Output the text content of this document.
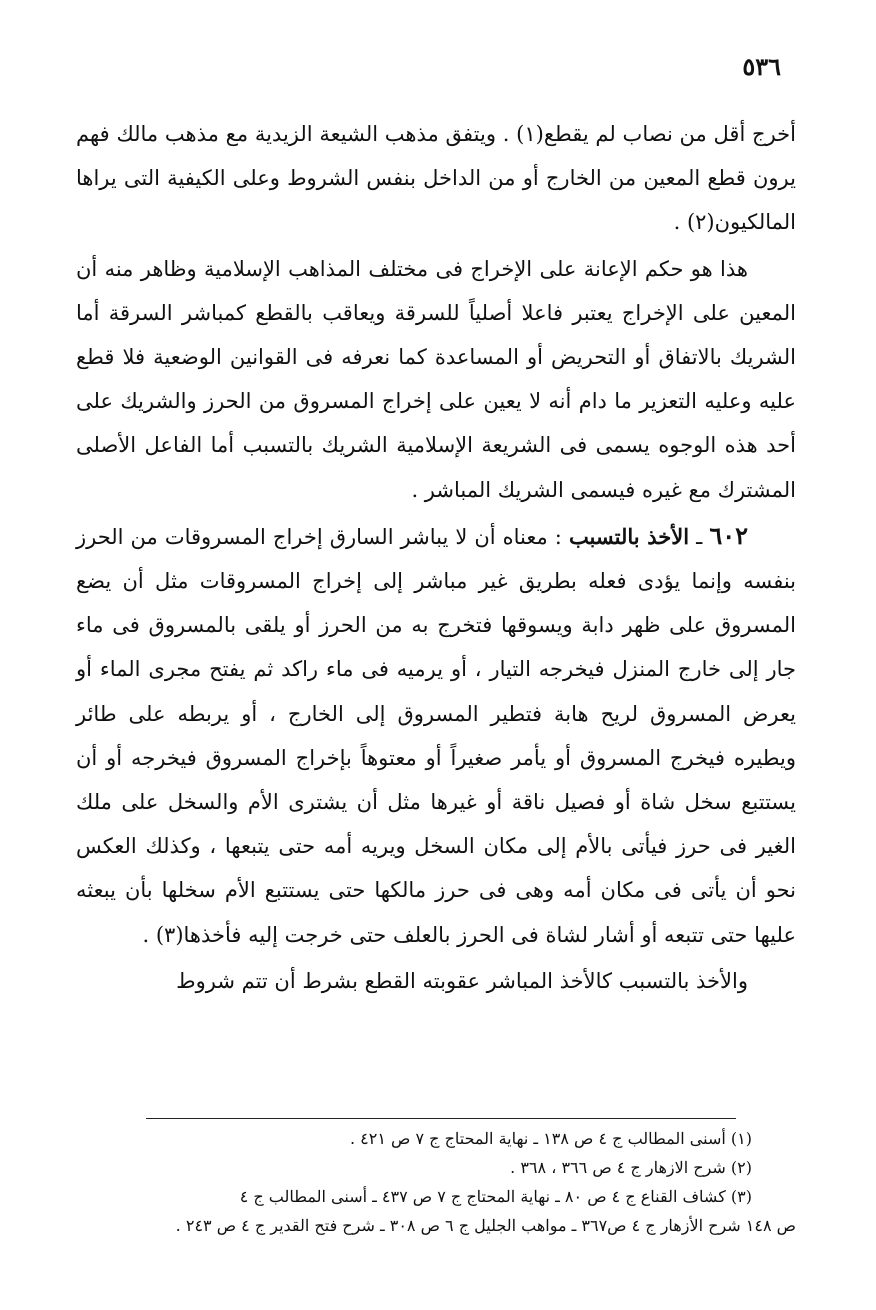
٥٣٦

أخرج أقل من نصاب لم يقطع(١) . ويتفق مذهب الشيعة الزيدية مع مذهب مالك فهم يرون قطع المعين من الخارج أو من الداخل بنفس الشروط وعلى الكيفية التى يراها المالكيون(٢) .

هذا هو حكم الإعانة على الإخراج فى مختلف المذاهب الإسلامية وظاهر منه أن المعين على الإخراج يعتبر فاعلا أصلياً للسرقة ويعاقب بالقطع كمباشر السرقة أما الشريك بالاتفاق أو التحريض أو المساعدة كما نعرفه فى القوانين الوضعية فلا قطع عليه وعليه التعزير ما دام أنه لا يعين على إخراج المسروق من الحرز والشريك على أحد هذه الوجوه يسمى فى الشريعة الإسلامية الشريك بالتسبب أما الفاعل الأصلى المشترك مع غيره فيسمى الشريك المباشر .

٦٠٢ ـ الأخذ بالتسبب : معناه أن لا يباشر السارق إخراج المسروقات من الحرز بنفسه وإنما يؤدى فعله بطريق غير مباشر إلى إخراج المسروقات مثل أن يضع المسروق على ظهر دابة ويسوقها فتخرج به من الحرز أو يلقى بالمسروق فى ماء جار إلى خارج المنزل فيخرجه التيار ، أو يرميه فى ماء راكد ثم يفتح مجرى الماء أو يعرض المسروق لريح هابة فتطير المسروق إلى الخارج ، أو يربطه على طائر ويطيره فيخرج المسروق أو يأمر صغيراً أو معتوهاً بإخراج المسروق فيخرجه أو أن يستتبع سخل شاة أو فصيل ناقة أو غيرها مثل أن يشترى الأم والسخل على ملك الغير فى حرز فيأتى بالأم إلى مكان السخل ويريه أمه حتى يتبعها ، وكذلك العكس نحو أن يأتى فى مكان أمه وهى فى حرز مالكها حتى يستتبع الأم سخلها بأن يبعثه عليها حتى تتبعه أو أشار لشاة فى الحرز بالعلف حتى خرجت إليه فأخذها(٣) .

والأخذ بالتسبب كالأخذ المباشر عقوبته القطع بشرط أن تتم شروط

(١) أسنى المطالب ج ٤ ص ١٣٨ ـ نهاية المحتاج ج ٧ ص ٤٢١ .

(٢) شرح الازهار ج ٤ ص ٣٦٦ ، ٣٦٨ .

(٣) كشاف القناع ج ٤ ص ٨٠ ـ نهاية المحتاج ج ٧ ص ٤٣٧ ـ أسنى المطالب ج ٤

ص ١٤٨ شرح الأزهار ج ٤ ص٣٦٧ ـ مواهب الجليل ج ٦ ص ٣٠٨ ـ شرح فتح القدير ج ٤ ص ٢٤٣ .
